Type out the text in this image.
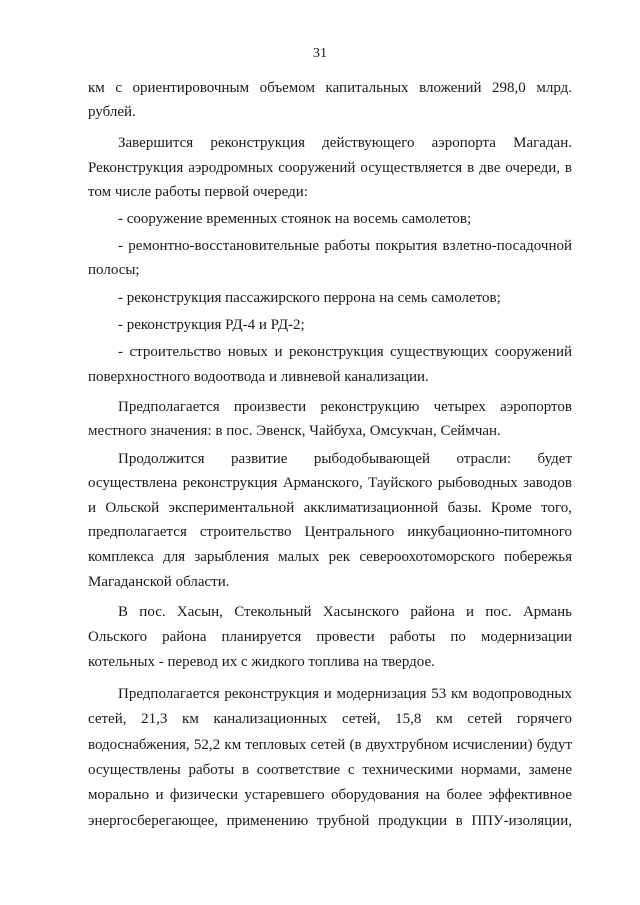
31
км с ориентировочным объемом капитальных вложений 298,0 млрд.
рублей.
Завершится реконструкция действующего аэропорта Магадан.
Реконструкция аэродромных сооружений осуществляется в две очереди, в
том числе работы первой очереди:
- сооружение временных стоянок на восемь самолетов;
- ремонтно-восстановительные работы покрытия взлетно-посадочной
полосы;
- реконструкция пассажирского перрона на семь самолетов;
- реконструкция РД-4 и РД-2;
- строительство новых и реконструкция существующих сооружений
поверхностного водоотвода и ливневой канализации.
Предполагается произвести реконструкцию четырех аэропортов
местного значения: в пос. Эвенск, Чайбуха, Омсукчан, Сеймчан.
Продолжится развитие рыбодобывающей отрасли: будет
осуществлена реконструкция Арманского, Тауйского рыбоводных заводов
и Ольской экспериментальной акклиматизационной базы. Кроме того,
предполагается строительство Центрального инкубационно-питомного
комплекса для зарыбления малых рек североохотоморского побережья
Магаданской области.
В пос. Хасын, Стекольный Хасынского района и пос. Армань
Ольского района планируется провести работы по модернизации
котельных - перевод их с жидкого топлива на твердое.
Предполагается реконструкция и модернизация 53 км водопроводных
сетей, 21,3 км канализационных сетей, 15,8 км сетей горячего
водоснабжения, 52,2 км тепловых сетей (в двухтрубном исчислении) будут
осуществлены работы в соответствие с техническими нормами, замене
морально и физически устаревшего оборудования на более эффективное
энергосберегающее, применению трубной продукции в ППУ-изоляции,
